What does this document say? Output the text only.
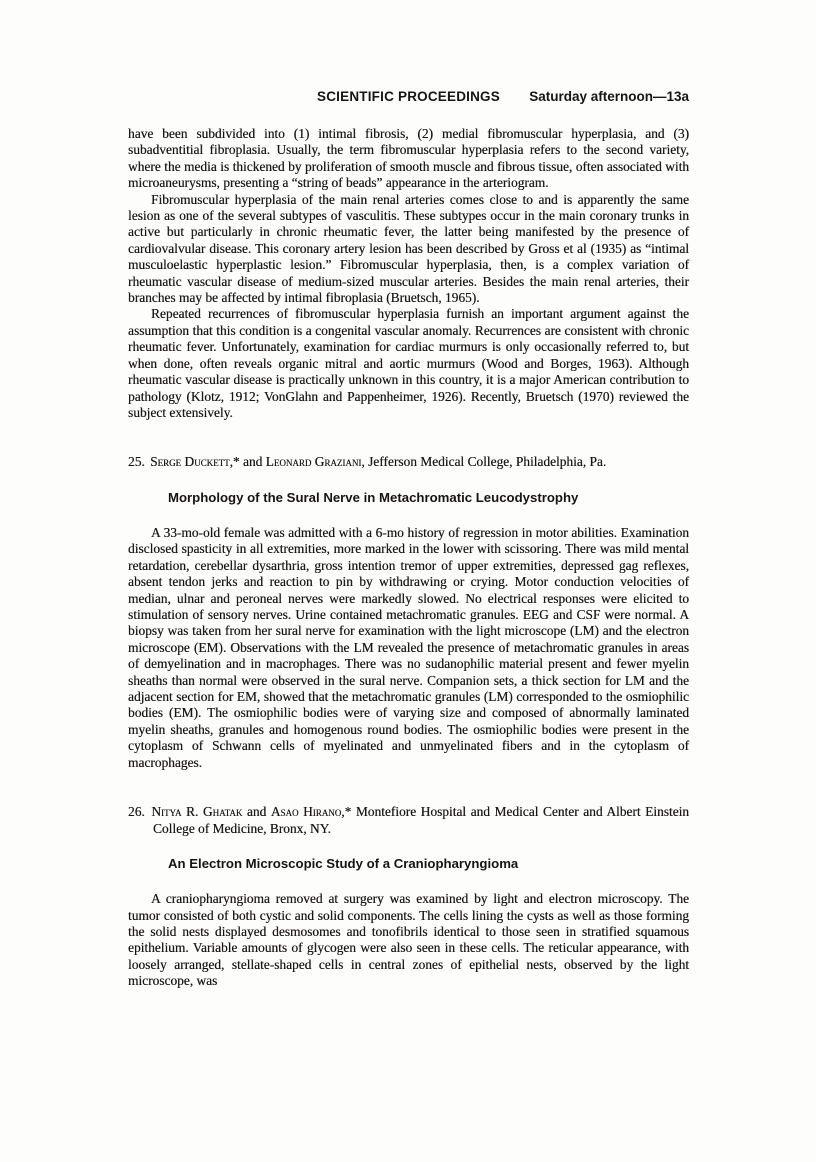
SCIENTIFIC PROCEEDINGS	Saturday afternoon—13a

have been subdivided into (1) intimal fibrosis, (2) medial fibromuscular hyperplasia, and (3) subadventitial fibroplasia. Usually, the term fibromuscular hyperplasia refers to the second variety, where the media is thickened by proliferation of smooth muscle and fibrous tissue, often associated with microaneurysms, presenting a “string of beads” appearance in the arteriogram.

Fibromuscular hyperplasia of the main renal arteries comes close to and is apparently the same lesion as one of the several subtypes of vasculitis. These subtypes occur in the main coronary trunks in active but particularly in chronic rheumatic fever, the latter being manifested by the presence of cardiovalvular disease. This coronary artery lesion has been described by Gross et al (1935) as “intimal musculoelastic hyperplastic lesion.” Fibromuscular hyperplasia, then, is a complex variation of rheumatic vascular disease of medium-sized muscular arteries. Besides the main renal arteries, their branches may be affected by intimal fibroplasia (Bruetsch, 1965).

Repeated recurrences of fibromuscular hyperplasia furnish an important argument against the assumption that this condition is a congenital vascular anomaly. Recurrences are consistent with chronic rheumatic fever. Unfortunately, examination for cardiac murmurs is only occasionally referred to, but when done, often reveals organic mitral and aortic murmurs (Wood and Borges, 1963). Although rheumatic vascular disease is practically unknown in this country, it is a major American contribution to pathology (Klotz, 1912; VonGlahn and Pappenheimer, 1926). Recently, Bruetsch (1970) reviewed the subject extensively.

25. Serge Duckett,* and Leonard Graziani, Jefferson Medical College, Philadelphia, Pa.
Morphology of the Sural Nerve in Metachromatic Leucodystrophy

A 33-mo-old female was admitted with a 6-mo history of regression in motor abilities. Examination disclosed spasticity in all extremities, more marked in the lower with scissoring. There was mild mental retardation, cerebellar dysarthria, gross intention tremor of upper extremities, depressed gag reflexes, absent tendon jerks and reaction to pin by withdrawing or crying. Motor conduction velocities of median, ulnar and peroneal nerves were markedly slowed. No electrical responses were elicited to stimulation of sensory nerves. Urine contained metachromatic granules. EEG and CSF were normal. A biopsy was taken from her sural nerve for examination with the light microscope (LM) and the electron microscope (EM). Observations with the LM revealed the presence of metachromatic granules in areas of demyelination and in macrophages. There was no sudanophilic material present and fewer myelin sheaths than normal were observed in the sural nerve. Companion sets, a thick section for LM and the adjacent section for EM, showed that the metachromatic granules (LM) corresponded to the osmiophilic bodies (EM). The osmiophilic bodies were of varying size and composed of abnormally laminated myelin sheaths, granules and homogenous round bodies. The osmiophilic bodies were present in the cytoplasm of Schwann cells of myelinated and unmyelinated fibers and in the cytoplasm of macrophages.

26. Nitya R. Ghatak and Asao Hirano,* Montefiore Hospital and Medical Center and Albert Einstein College of Medicine, Bronx, NY.
An Electron Microscopic Study of a Craniopharyngioma

A craniopharyngioma removed at surgery was examined by light and electron microscopy. The tumor consisted of both cystic and solid components. The cells lining the cysts as well as those forming the solid nests displayed desmosomes and tonofibrils identical to those seen in stratified squamous epithelium. Variable amounts of glycogen were also seen in these cells. The reticular appearance, with loosely arranged, stellate-shaped cells in central zones of epithelial nests, observed by the light microscope, was
